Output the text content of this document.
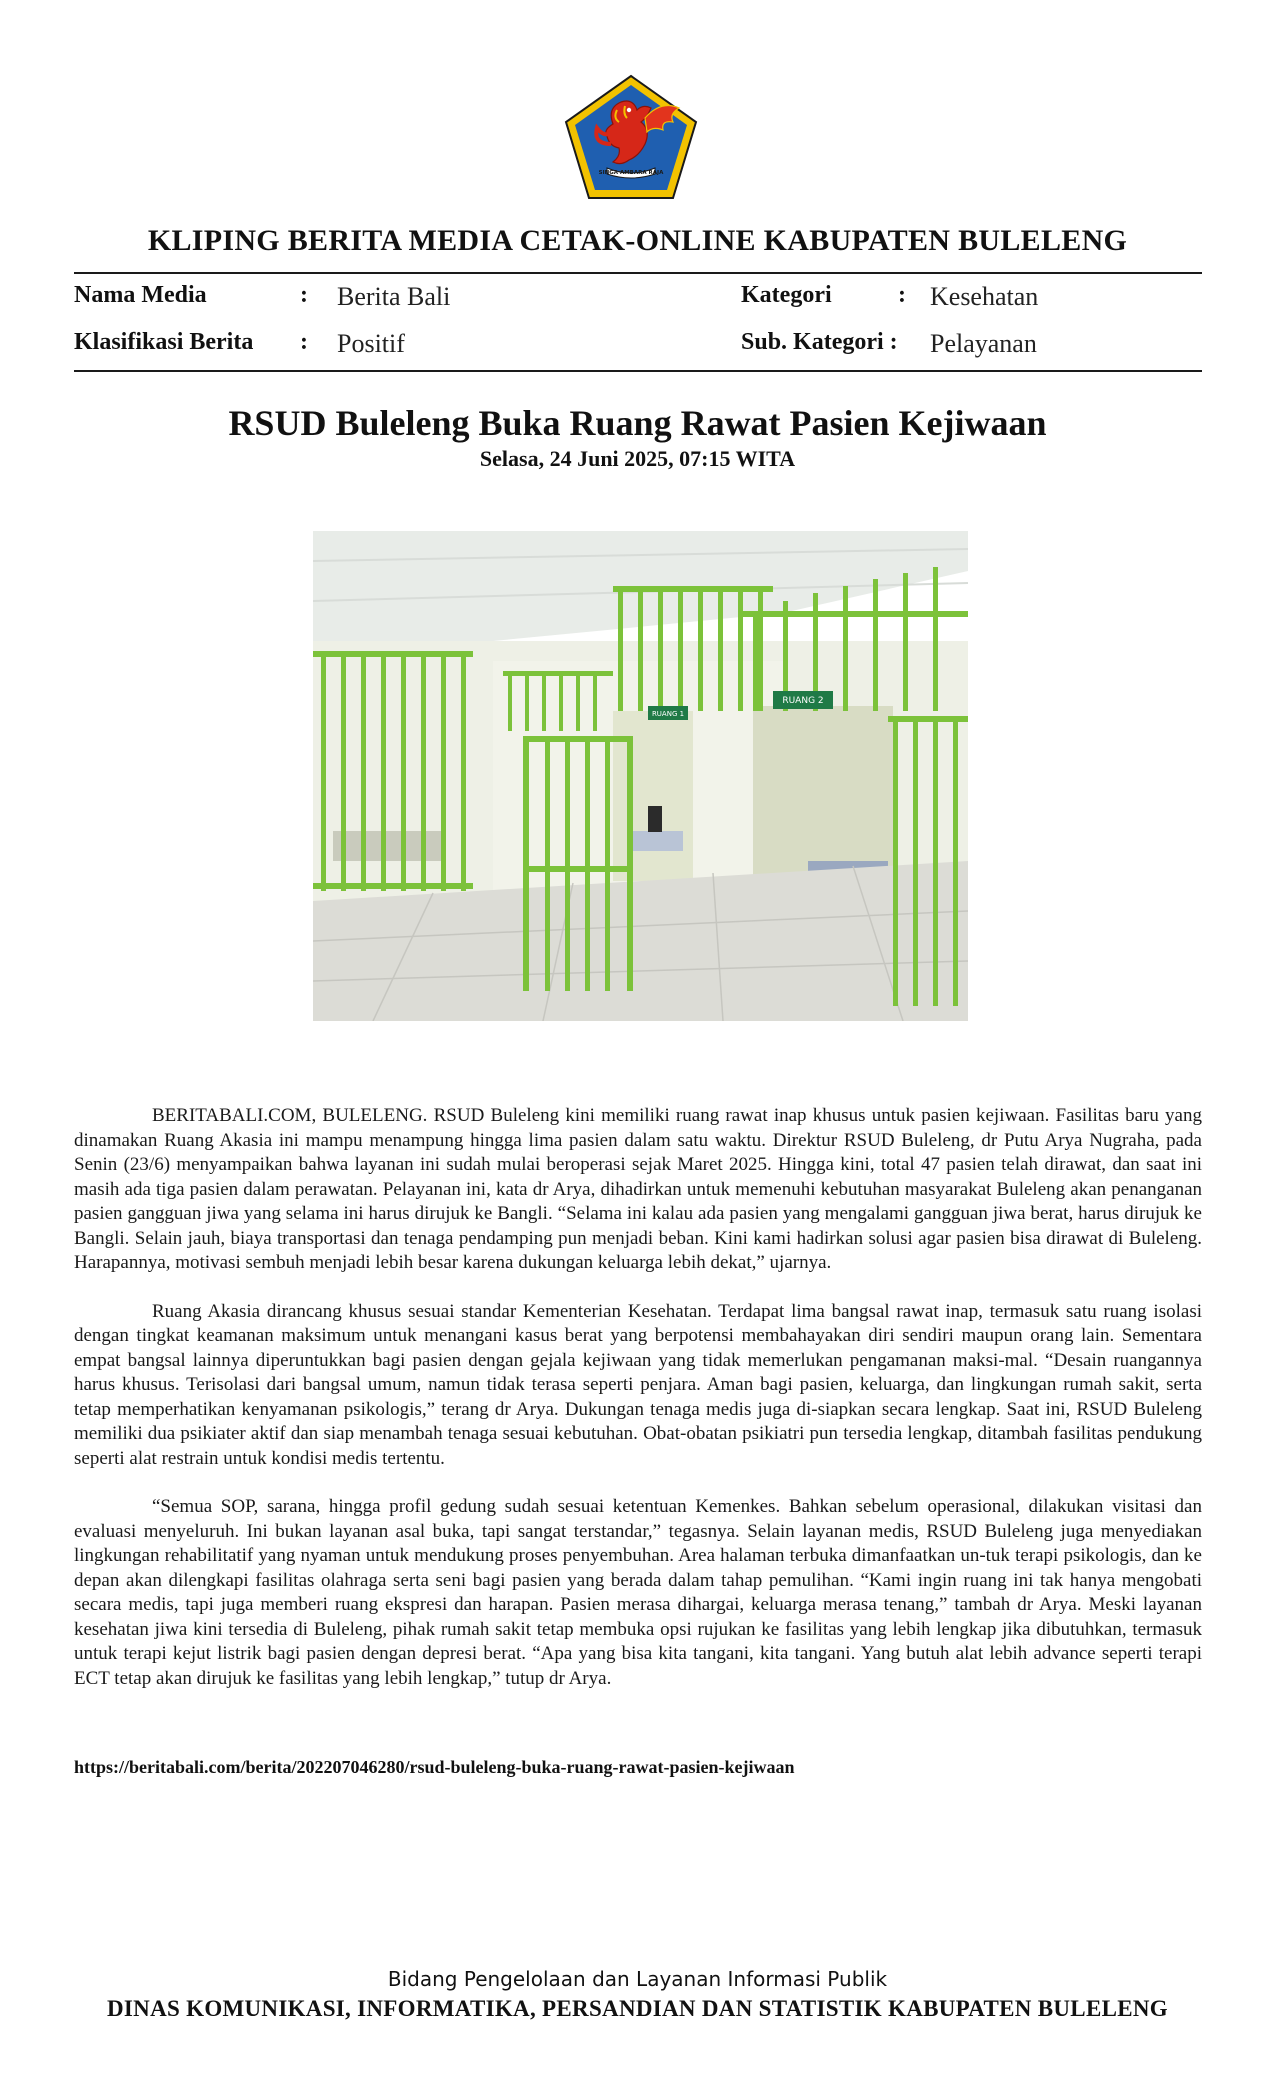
SINGA AMBARA RAJA
KLIPING BERITA MEDIA CETAK-ONLINE KABUPATEN BULELENG
Nama Media	: Berita Bali	Kategori	: Kesehatan
Klasifikasi Berita : Positif	Sub. Kategori : Pelayanan
RSUD Buleleng Buka Ruang Rawat Pasien Kejiwaan
Selasa, 24 Juni 2025, 07:15 WITA
RUANG 1
RUANG 2

BERITABALI.COM, BULELENG. RSUD Buleleng kini memiliki ruang rawat inap khusus untuk pasien kejiwaan. Fasilitas baru yang dinamakan Ruang Akasia ini mampu menampung hingga lima pasien dalam satu waktu. Direktur RSUD Buleleng, dr Putu Arya Nugraha, pada Senin (23/6) menyampaikan bahwa layanan ini sudah mulai beroperasi sejak Maret 2025. Hingga kini, total 47 pasien telah dirawat, dan saat ini masih ada tiga pasien dalam perawatan. Pelayanan ini, kata dr Arya, dihadirkan untuk memenuhi kebutuhan masyarakat Buleleng akan penanganan pasien gangguan jiwa yang selama ini harus dirujuk ke Bangli. “Selama ini kalau ada pasien yang mengalami gangguan jiwa berat, harus dirujuk ke Bangli. Selain jauh, biaya transportasi dan tenaga pendamping pun menjadi beban. Kini kami hadirkan solusi agar pasien bisa dirawat di Buleleng. Harapannya, motivasi sembuh menjadi lebih besar karena dukungan keluarga lebih dekat,” ujarnya.

Ruang Akasia dirancang khusus sesuai standar Kementerian Kesehatan. Terdapat lima bangsal rawat inap, termasuk satu ruang isolasi dengan tingkat keamanan maksimum untuk menangani kasus berat yang berpotensi membahayakan diri sendiri maupun orang lain. Sementara empat bangsal lainnya diperuntukkan bagi pasien dengan gejala kejiwaan yang tidak memerlukan pengamanan maksi-mal. “Desain ruangannya harus khusus. Terisolasi dari bangsal umum, namun tidak terasa seperti penjara. Aman bagi pasien, keluarga, dan lingkungan rumah sakit, serta tetap memperhatikan kenyamanan psikologis,” terang dr Arya. Dukungan tenaga medis juga di-siapkan secara lengkap. Saat ini, RSUD Buleleng memiliki dua psikiater aktif dan siap menambah tenaga sesuai kebutuhan. Obat-obatan psikiatri pun tersedia lengkap, ditambah fasilitas pendukung seperti alat restrain untuk kondisi medis tertentu.

“Semua SOP, sarana, hingga profil gedung sudah sesuai ketentuan Kemenkes. Bahkan sebelum operasional, dilakukan visitasi dan evaluasi menyeluruh. Ini bukan layanan asal buka, tapi sangat terstandar,” tegasnya. Selain layanan medis, RSUD Buleleng juga menyediakan lingkungan rehabilitatif yang nyaman untuk mendukung proses penyembuhan. Area halaman terbuka dimanfaatkan un-tuk terapi psikologis, dan ke depan akan dilengkapi fasilitas olahraga serta seni bagi pasien yang berada dalam tahap pemulihan. “Kami ingin ruang ini tak hanya mengobati secara medis, tapi juga memberi ruang ekspresi dan harapan. Pasien merasa dihargai, keluarga merasa tenang,” tambah dr Arya. Meski layanan kesehatan jiwa kini tersedia di Buleleng, pihak rumah sakit tetap membuka opsi rujukan ke fasilitas yang lebih lengkap jika dibutuhkan, termasuk untuk terapi kejut listrik bagi pasien dengan depresi berat. “Apa yang bisa kita tangani, kita tangani. Yang butuh alat lebih advance seperti terapi ECT tetap akan dirujuk ke fasilitas yang lebih lengkap,” tutup dr Arya.

https://beritabali.com/berita/202207046280/rsud-buleleng-buka-ruang-rawat-pasien-kejiwaan
Bidang Pengelolaan dan Layanan Informasi Publik
DINAS KOMUNIKASI, INFORMATIKA, PERSANDIAN DAN STATISTIK KABUPATEN BULELENG
